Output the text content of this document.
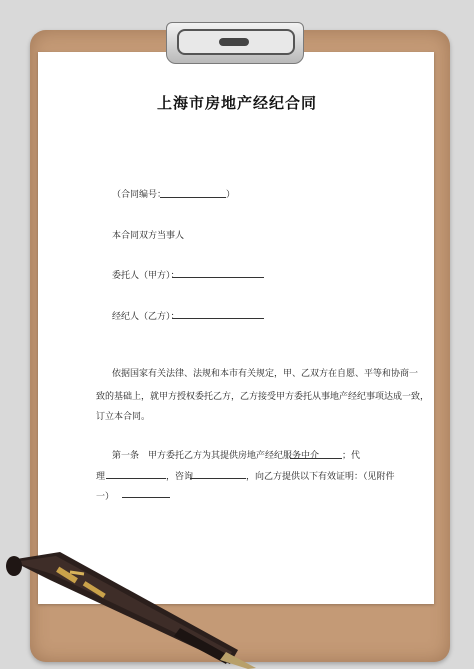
上海市房地产经纪合同
（合同编号：	）
本合同双方当事人
委托人（甲方）：
经纪人（乙方）：
依据国家有关法律、法规和本市有关规定，甲、乙双方在自愿、平等和协商一
致的基础上，就甲方授权委托乙方，乙方接受甲方委托从事地产经纪事项达成一致，
订立本合同。
第一条　甲方委托乙方为其提供房地产经纪服务中介	；代
理	，咨询	，向乙方提供以下有效证明：（见附件
一）
